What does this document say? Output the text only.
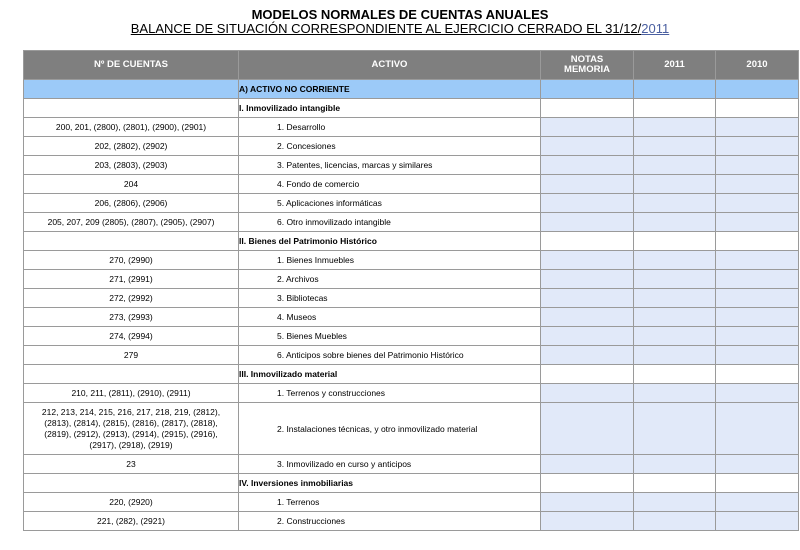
MODELOS NORMALES DE CUENTAS ANUALES
BALANCE DE SITUACIÓN CORRESPONDIENTE AL EJERCICIO CERRADO EL 31/12/2011
Nº DE CUENTAS	ACTIVO	NOTAS
MEMORIA	2011	2010
	A) ACTIVO NO CORRIENTE			
	I. Inmovilizado intangible			
200, 201, (2800), (2801), (2900), (2901)	1. Desarrollo			
202, (2802), (2902)	2. Concesiones			
203, (2803), (2903)	3. Patentes, licencias, marcas y similares			
204	4. Fondo de comercio			
206, (2806), (2906)	5. Aplicaciones informáticas			
205, 207, 209 (2805), (2807), (2905), (2907)	6. Otro inmovilizado intangible			
	II. Bienes del Patrimonio Histórico			
270, (2990)	1. Bienes Inmuebles			
271, (2991)	2. Archivos			
272, (2992)	3. Bibliotecas			
273, (2993)	4. Museos			
274, (2994)	5. Bienes Muebles			
279	6. Anticipos sobre bienes del Patrimonio Histórico			
	III. Inmovilizado material			
210, 211, (2811), (2910), (2911)	1. Terrenos y construcciones			
212, 213, 214, 215, 216, 217, 218, 219, (2812),
(2813), (2814), (2815), (2816), (2817), (2818),
(2819), (2912), (2913), (2914), (2915), (2916),
(2917), (2918), (2919)	2. Instalaciones técnicas, y otro inmovilizado material			
23	3. Inmovilizado en curso y anticipos			
	IV. Inversiones inmobiliarias			
220, (2920)	1. Terrenos			
221, (282), (2921)	2. Construcciones			
